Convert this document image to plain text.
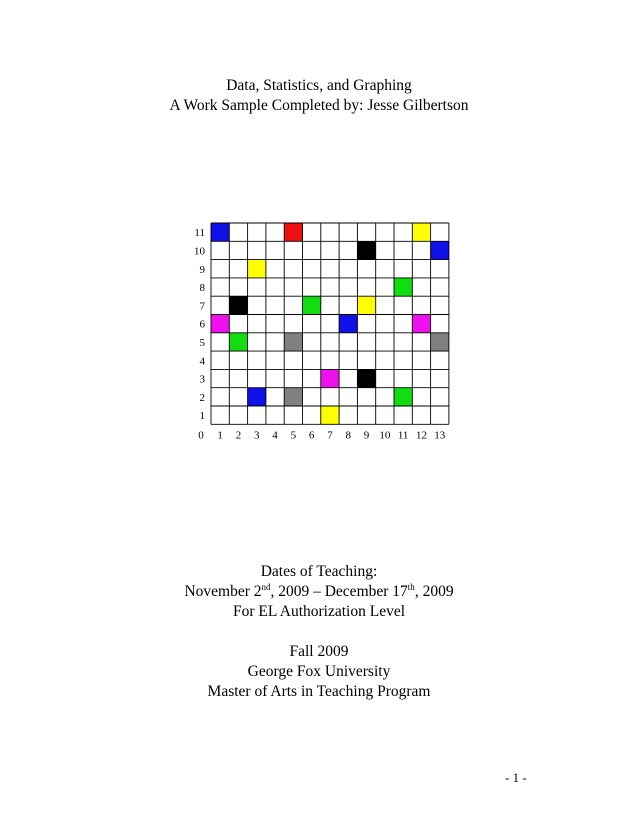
Data, Statistics, and Graphing
A Work Sample Completed by: Jesse Gilbertson
0 1 2 3 4 5 6 7 8 9 10 11 12 13
1
2
3
4
5
6
7
8
9
10
11
Dates of Teaching:
November 2nd, 2009 – December 17th, 2009
For EL Authorization Level
Fall 2009
George Fox University
Master of Arts in Teaching Program
- 1 -
